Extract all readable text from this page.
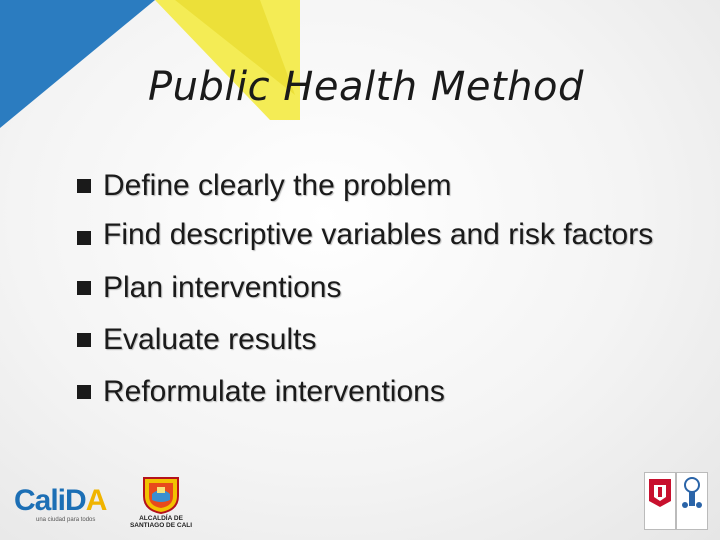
Public Health Method
Define clearly the problem
Find descriptive variables and risk factors
Plan interventions
Evaluate results
Reformulate interventions
CaliDA
una ciudad para todos	ALCALDÍA DE
SANTIAGO DE CALI
